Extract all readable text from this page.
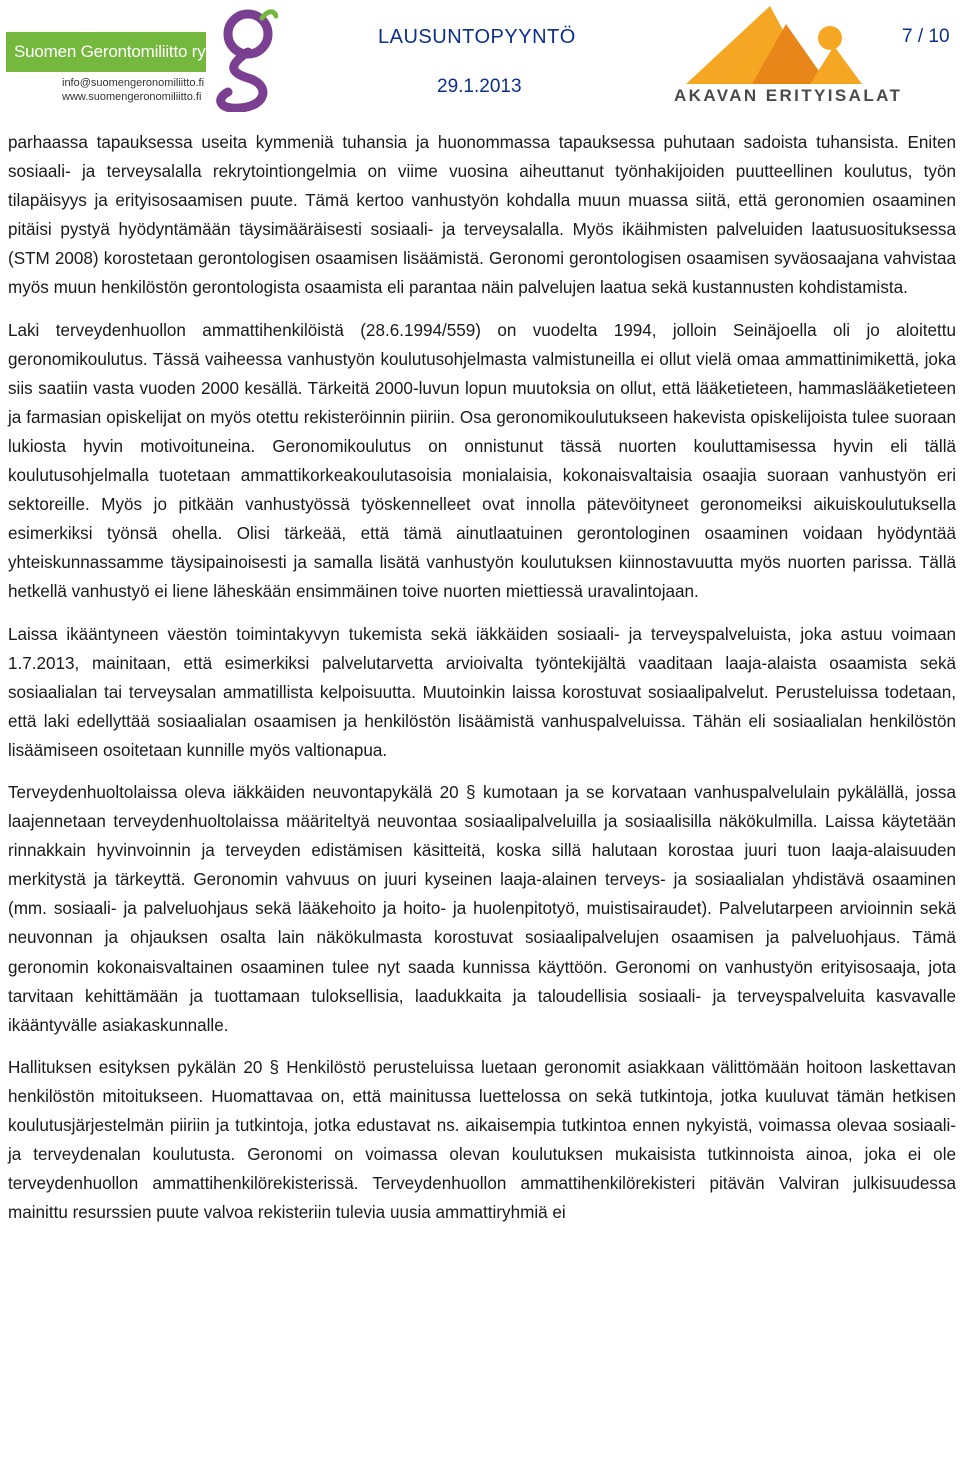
Suomen Gerontomiliitto ry
info@suomengeronomiliitto.fi
www.suomengeronomiliitto.fi
LAUSUNTOPYYNTÖ
29.1.2013
7 / 10
AKAVAN ERITYISALAT

parhaassa tapauksessa useita kymmeniä tuhansia ja huonommassa tapauksessa puhutaan sadoista tuhansista. Eniten sosiaali- ja terveysalalla rekrytointiongelmia on viime vuosina aiheuttanut työnhakijoiden puutteellinen koulutus, työn tilapäisyys ja erityisosaamisen puute. Tämä kertoo vanhustyön kohdalla muun muassa siitä, että geronomien osaaminen pitäisi pystyä hyödyntämään täysimääräisesti sosiaali- ja terveysalalla. Myös ikäihmisten palveluiden laatusuosituksessa (STM 2008) korostetaan gerontologisen osaamisen lisäämistä. Geronomi gerontologisen osaamisen syväosaajana vahvistaa myös muun henkilöstön gerontologista osaamista eli parantaa näin palvelujen laatua sekä kustannusten kohdistamista.

Laki terveydenhuollon ammattihenkilöistä (28.6.1994/559) on vuodelta 1994, jolloin Seinäjoella oli jo aloitettu geronomikoulutus. Tässä vaiheessa vanhustyön koulutusohjelmasta valmistuneilla ei ollut vielä omaa ammattinimikettä, joka siis saatiin vasta vuoden 2000 kesällä. Tärkeitä 2000-luvun lopun muutoksia on ollut, että lääketieteen, hammaslääketieteen ja farmasian opiskelijat on myös otettu rekisteröinnin piiriin. Osa geronomikoulutukseen hakevista opiskelijoista tulee suoraan lukiosta hyvin motivoituneina. Geronomikoulutus on onnistunut tässä nuorten kouluttamisessa hyvin eli tällä koulutusohjelmalla tuotetaan ammattikorkeakoulutasoisia monialaisia, kokonaisvaltaisia osaajia suoraan vanhustyön eri sektoreille. Myös jo pitkään vanhustyössä työskennelleet ovat innolla pätevöityneet geronomeiksi aikuiskoulutuksella esimerkiksi työnsä ohella. Olisi tärkeää, että tämä ainutlaatuinen gerontologinen osaaminen voidaan hyödyntää yhteiskunnassamme täysipainoisesti ja samalla lisätä vanhustyön koulutuksen kiinnostavuutta myös nuorten parissa. Tällä hetkellä vanhustyö ei liene läheskään ensimmäinen toive nuorten miettiessä uravalintojaan.

Laissa ikääntyneen väestön toimintakyvyn tukemista sekä iäkkäiden sosiaali- ja terveyspalveluista, joka astuu voimaan 1.7.2013, mainitaan, että esimerkiksi palvelutarvetta arvioivalta työntekijältä vaaditaan laaja-alaista osaamista sekä sosiaalialan tai terveysalan ammatillista kelpoisuutta. Muutoinkin laissa korostuvat sosiaalipalvelut. Perusteluissa todetaan, että laki edellyttää sosiaalialan osaamisen ja henkilöstön lisäämistä vanhuspalveluissa. Tähän eli sosiaalialan henkilöstön lisäämiseen osoitetaan kunnille myös valtionapua.

Terveydenhuoltolaissa oleva iäkkäiden neuvontapykälä 20 § kumotaan ja se korvataan vanhuspalvelulain pykälällä, jossa laajennetaan terveydenhuoltolaissa määriteltyä neuvontaa sosiaalipalveluilla ja sosiaalisilla näkökulmilla. Laissa käytetään rinnakkain hyvinvoinnin ja terveyden edistämisen käsitteitä, koska sillä halutaan korostaa juuri tuon laaja-alaisuuden merkitystä ja tärkeyttä. Geronomin vahvuus on juuri kyseinen laaja-alainen terveys- ja sosiaalialan yhdistävä osaaminen (mm. sosiaali- ja palveluohjaus sekä lääkehoito ja hoito- ja huolenpitotyö, muistisairaudet). Palvelutarpeen arvioinnin sekä neuvonnan ja ohjauksen osalta lain näkökulmasta korostuvat sosiaalipalvelujen osaamisen ja palveluohjaus. Tämä geronomin kokonaisvaltainen osaaminen tulee nyt saada kunnissa käyttöön. Geronomi on vanhustyön erityisosaaja, jota tarvitaan kehittämään ja tuottamaan tuloksellisia, laadukkaita ja taloudellisia sosiaali- ja terveyspalveluita kasvavalle ikääntyvälle asiakaskunnalle.

Hallituksen esityksen pykälän 20 § Henkilöstö perusteluissa luetaan geronomit asiakkaan välittömään hoitoon laskettavan henkilöstön mitoitukseen. Huomattavaa on, että mainitussa luettelossa on sekä tutkintoja, jotka kuuluvat tämän hetkisen koulutusjärjestelmän piiriin ja tutkintoja, jotka edustavat ns. aikaisempia tutkintoa ennen nykyistä, voimassa olevaa sosiaali- ja terveydenalan koulutusta. Geronomi on voimassa olevan koulutuksen mukaisista tutkinnoista ainoa, joka ei ole terveydenhuollon ammattihenkilörekisterissä. Terveydenhuollon ammattihenkilörekisteri pitävän Valviran julkisuudessa mainittu resurssien puute valvoa rekisteriin tulevia uusia ammattiryhmiä ei
